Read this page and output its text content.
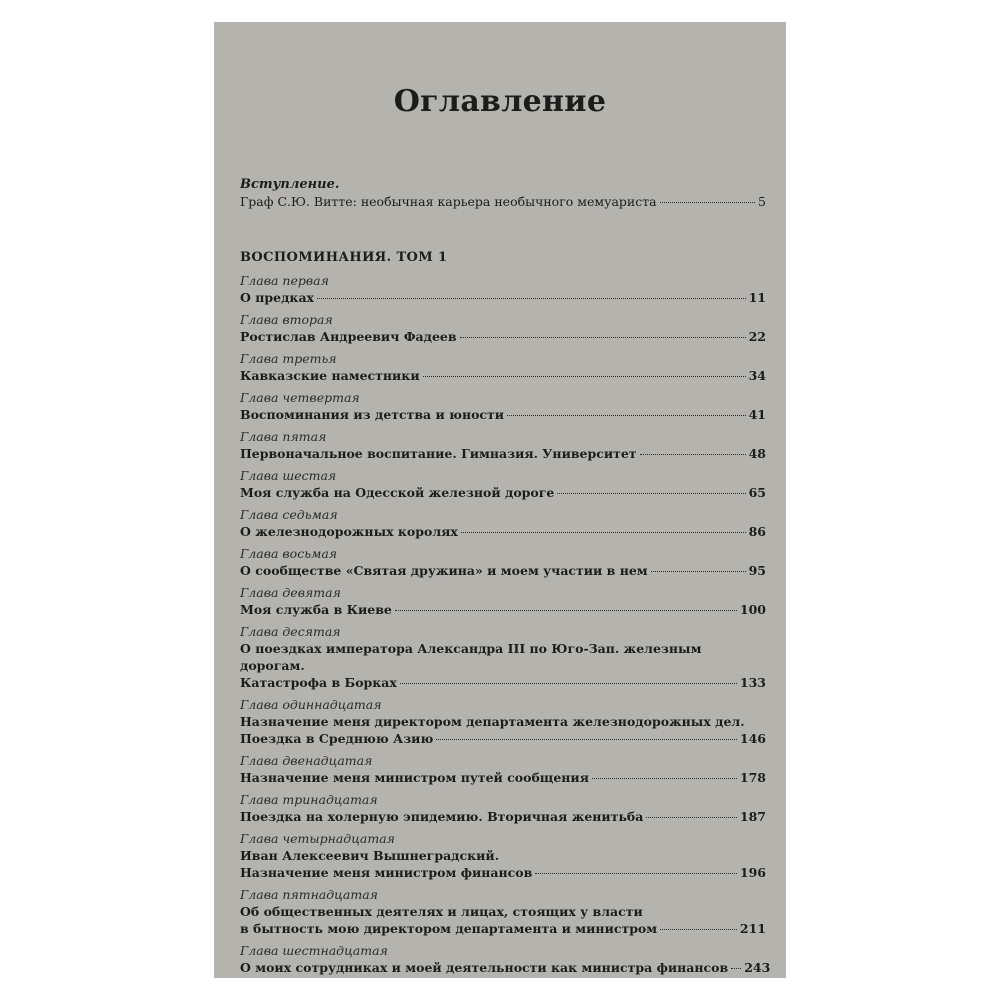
Оглавление
Вступление.
Граф С.Ю. Витте: необычная карьера необычного мемуариста	5
ВОСПОМИНАНИЯ. ТОМ 1
Глава первая
О предках	11
Глава вторая
Ростислав Андреевич Фадеев	22
Глава третья
Кавказские наместники	34
Глава четвертая
Воспоминания из детства и юности	41
Глава пятая
Первоначальное воспитание. Гимназия. Университет	48
Глава шестая
Моя служба на Одесской железной дороге	65
Глава седьмая
О железнодорожных королях	86
Глава восьмая
О сообществе «Святая дружина» и моем участии в нем	95
Глава девятая
Моя служба в Киеве	100
Глава десятая
О поездках императора Александра III по Юго-Зап. железным дорогам.
Катастрофа в Борках	133
Глава одиннадцатая
Назначение меня директором департамента железнодорожных дел.
Поездка в Среднюю Азию	146
Глава двенадцатая
Назначение меня министром путей сообщения	178
Глава тринадцатая
Поездка на холерную эпидемию. Вторичная женитьба	187
Глава четырнадцатая
Иван Алексеевич Вышнеградский.
Назначение меня министром финансов	196
Глава пятнадцатая
Об общественных деятелях и лицах, стоящих у власти
в бытность мою директором департамента и министром	211
Глава шестнадцатая
О моих сотрудниках и моей деятельности как министра финансов 243
